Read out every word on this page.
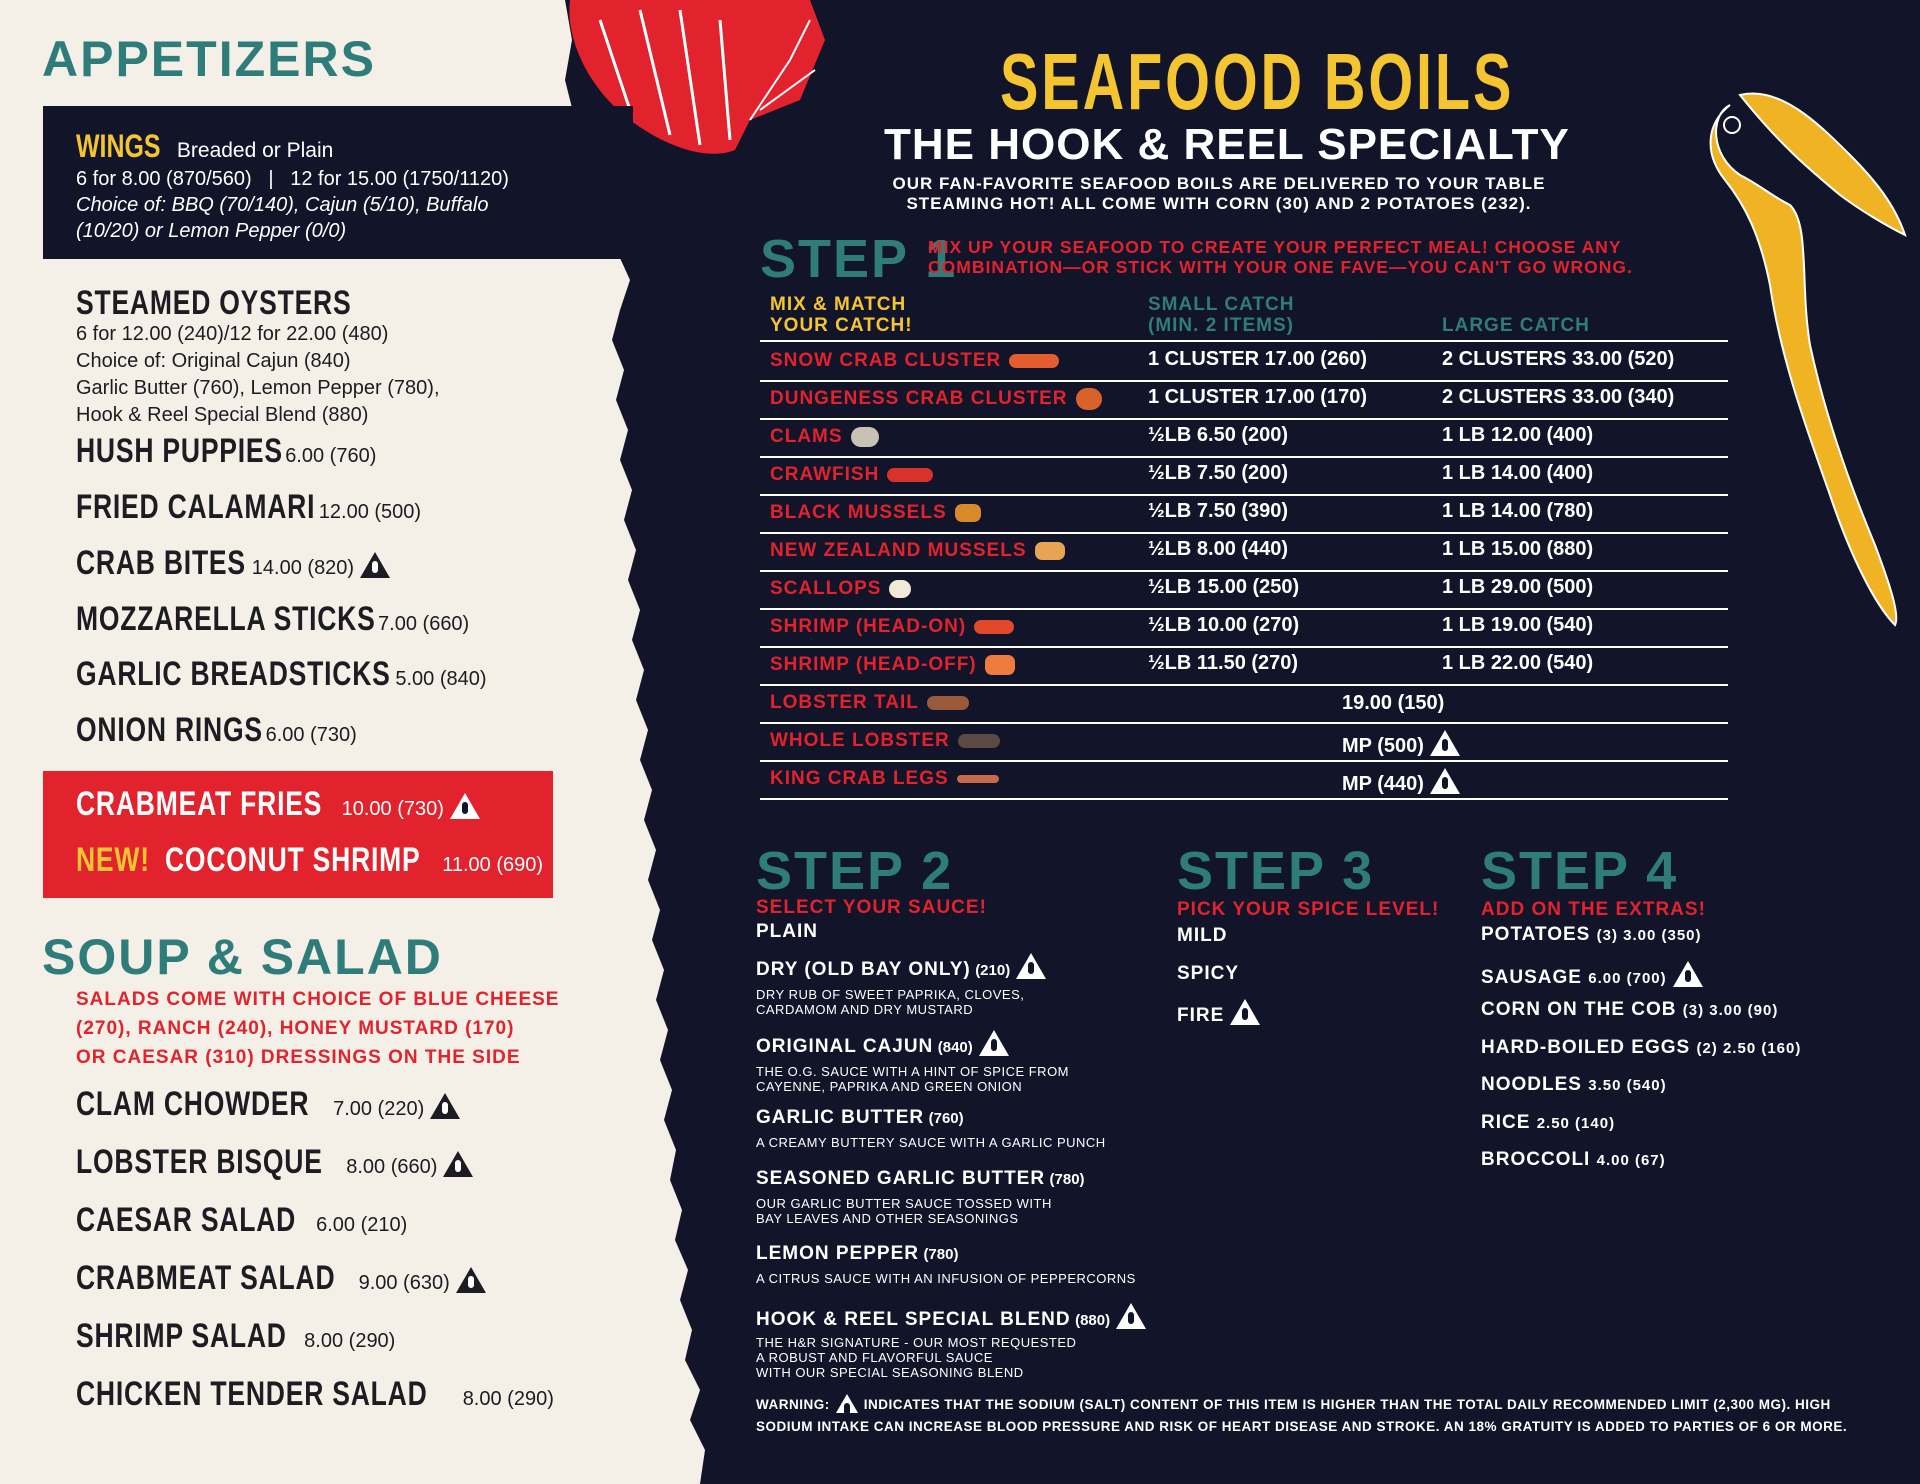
APPETIZERS
WINGS Breaded or Plain
6 for 8.00 (870/560)   |   12 for 15.00 (1750/1120)
Choice of: BBQ (70/140), Cajun (5/10), Buffalo
(10/20) or Lemon Pepper (0/0)
STEAMED OYSTERS
6 for 12.00 (240)/12 for 22.00 (480)
Choice of: Original Cajun (840)
Garlic Butter (760), Lemon Pepper (780),
Hook & Reel Special Blend (880)
HUSH PUPPIES 6.00 (760)
FRIED CALAMARI 12.00 (500)
CRAB BITES 14.00 (820)
MOZZARELLA STICKS 7.00 (660)
GARLIC BREADSTICKS 5.00 (840)
ONION RINGS 6.00 (730)
CRABMEAT FRIES 10.00 (730)
NEW! COCONUT SHRIMP 11.00 (690)
SOUP & SALAD
SALADS COME WITH CHOICE OF BLUE CHEESE
(270), RANCH (240), HONEY MUSTARD (170)
OR CAESAR (310) DRESSINGS ON THE SIDE
CLAM CHOWDER 7.00 (220)
LOBSTER BISQUE 8.00 (660)
CAESAR SALAD 6.00 (210)
CRABMEAT SALAD 9.00 (630)
SHRIMP SALAD 8.00 (290)
CHICKEN TENDER SALAD 8.00 (290)
SEAFOOD BOILS
THE HOOK & REEL SPECIALTY
OUR FAN-FAVORITE SEAFOOD BOILS ARE DELIVERED TO YOUR TABLE
STEAMING HOT! ALL COME WITH CORN (30) AND 2 POTATOES (232).
STEP 1
MIX UP YOUR SEAFOOD TO CREATE YOUR PERFECT MEAL! CHOOSE ANY
COMBINATION—OR STICK WITH YOUR ONE FAVE—YOU CAN'T GO WRONG.
MIX & MATCH
YOUR CATCH!
SMALL CATCH
(MIN. 2 ITEMS)	LARGE CATCH
SNOW CRAB CLUSTER	1 CLUSTER 17.00 (260)	2 CLUSTERS 33.00 (520)
DUNGENESS CRAB CLUSTER	1 CLUSTER 17.00 (170)	2 CLUSTERS 33.00 (340)
CLAMS	½LB 6.50 (200)	1 LB 12.00 (400)
CRAWFISH	½LB 7.50 (200)	1 LB 14.00 (400)
BLACK MUSSELS	½LB 7.50 (390)	1 LB 14.00 (780)
NEW ZEALAND MUSSELS	½LB 8.00 (440)	1 LB 15.00 (880)
SCALLOPS	½LB 15.00 (250)	1 LB 29.00 (500)
SHRIMP (HEAD-ON)	½LB 10.00 (270)	1 LB 19.00 (540)
SHRIMP (HEAD-OFF)	½LB 11.50 (270)	1 LB 22.00 (540)
LOBSTER TAIL	19.00 (150)
WHOLE LOBSTER	MP (500)
KING CRAB LEGS	MP (440)
STEP 2
SELECT YOUR SAUCE!
PLAIN
DRY (OLD BAY ONLY) (210)
DRY RUB OF SWEET PAPRIKA, CLOVES,
CARDAMOM AND DRY MUSTARD
ORIGINAL CAJUN (840)
THE O.G. SAUCE WITH A HINT OF SPICE FROM
CAYENNE, PAPRIKA AND GREEN ONION
GARLIC BUTTER (760)
A CREAMY BUTTERY SAUCE WITH A GARLIC PUNCH
SEASONED GARLIC BUTTER (780)
OUR GARLIC BUTTER SAUCE TOSSED WITH
BAY LEAVES AND OTHER SEASONINGS
LEMON PEPPER (780)
A CITRUS SAUCE WITH AN INFUSION OF PEPPERCORNS
HOOK & REEL SPECIAL BLEND (880)
THE H&R SIGNATURE - OUR MOST REQUESTED
A ROBUST AND FLAVORFUL SAUCE
WITH OUR SPECIAL SEASONING BLEND
STEP 3
PICK YOUR SPICE LEVEL!
MILD
SPICY
FIRE
STEP 4
ADD ON THE EXTRAS!
POTATOES (3) 3.00 (350)
SAUSAGE 6.00 (700)
CORN ON THE COB (3) 3.00 (90)
HARD-BOILED EGGS (2) 2.50 (160)
NOODLES 3.50 (540)
RICE 2.50 (140)
BROCCOLI 4.00 (67)
WARNING:	INDICATES THAT THE SODIUM (SALT) CONTENT OF THIS ITEM IS HIGHER THAN THE TOTAL DAILY RECOMMENDED LIMIT (2,300 MG). HIGH
SODIUM INTAKE CAN INCREASE BLOOD PRESSURE AND RISK OF HEART DISEASE AND STROKE. AN 18% GRATUITY IS ADDED TO PARTIES OF 6 OR MORE.
